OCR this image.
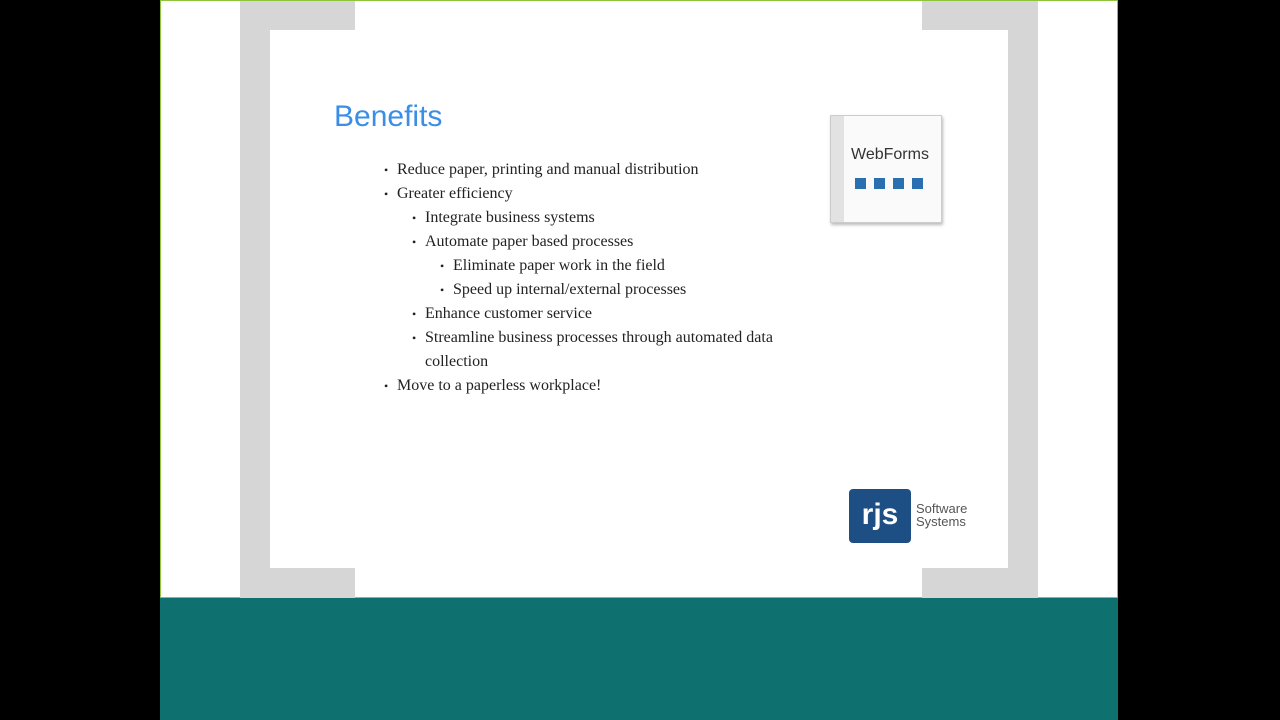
Benefits
• Reduce paper, printing and manual distribution
• Greater efficiency
• Integrate business systems
• Automate paper based processes
• Eliminate paper work in the field
• Speed up internal/external processes
• Enhance customer service
• Streamline business processes through automated data collection
• Move to a paperless workplace!
WebForms
rjs	Software
Systems
